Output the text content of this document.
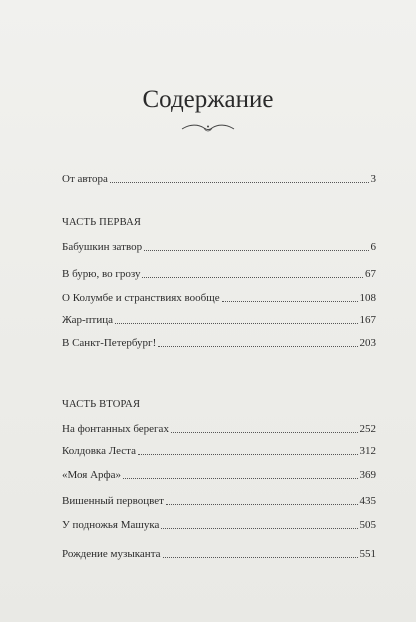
Содержание
От автора	3
ЧАСТЬ ПЕРВАЯ
Бабушкин затвор	6
В бурю, во грозу	67
О Колумбе и странствиях вообще	108
Жар-птица	167
В Санкт-Петербург!	203
ЧАСТЬ ВТОРАЯ
На фонтанных берегах	252
Колдовка Леста	312
«Моя Арфа»	369
Вишенный первоцвет	435
У подножья Машука	505
Рождение музыканта	551
